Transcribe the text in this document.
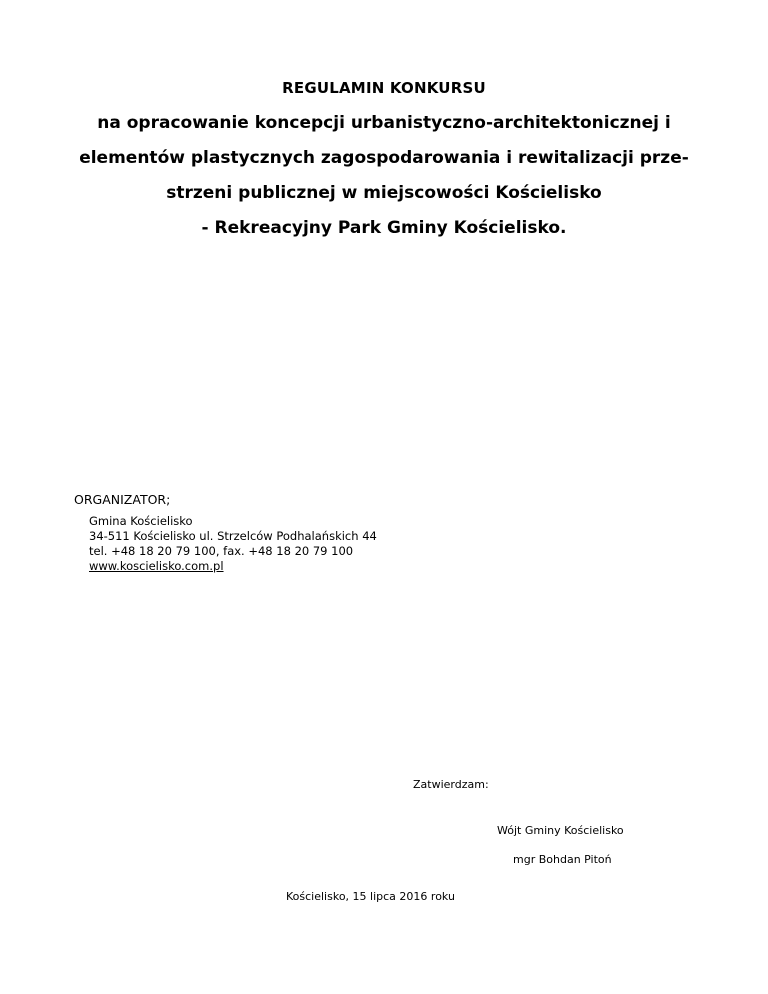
REGULAMIN KONKURSU
na opracowanie koncepcji urbanistyczno-architektonicznej i
elementów plastycznych zagospodarowania i rewitalizacji prze-
strzeni publicznej w miejscowości Kościelisko
- Rekreacyjny Park Gminy Kościelisko.
ORGANIZATOR;
Gmina Kościelisko
34-511 Kościelisko ul. Strzelców Podhalańskich 44
tel. +48 18 20 79 100, fax. +48 18 20 79 100
www.koscielisko.com.pl
Zatwierdzam:
Wójt Gminy Kościelisko
mgr Bohdan Pitoń
Kościelisko, 15 lipca 2016 roku
